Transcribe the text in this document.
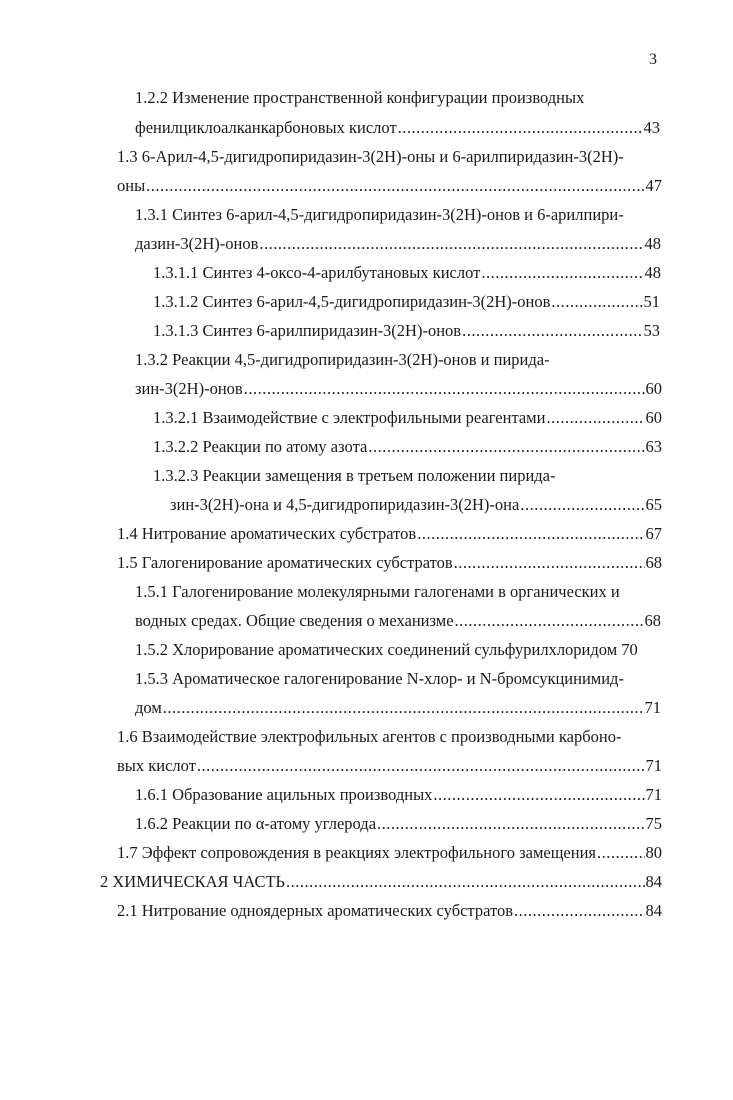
3
1.2.2 Изменение пространственной конфигурации производных
фенилциклоалканкарбоновых кислот .....	43
1.3 6-Арил-4,5-дигидропиридазин-3(2Н)-оны и 6-арилпиридазин-3(2Н)-
оны .....	47
1.3.1 Синтез 6-арил-4,5-дигидропиридазин-3(2Н)-онов и 6-арилпири-
дазин-3(2Н)-онов .....	48
1.3.1.1 Синтез 4-оксо-4-арилбутановых кислот .....	48
1.3.1.2 Синтез 6-арил-4,5-дигидропиридазин-3(2Н)-онов .....	51
1.3.1.3 Синтез 6-арилпиридазин-3(2Н)-онов .....	53
1.3.2 Реакции 4,5-дигидропиридазин-3(2Н)-онов и пирида-
зин-3(2Н)-онов .....	60
1.3.2.1 Взаимодействие с электрофильными реагентами .....	60
1.3.2.2 Реакции по атому азота .....	63
1.3.2.3 Реакции замещения в третьем положении пирида-
зин-3(2Н)-она и 4,5-дигидропиридазин-3(2Н)-она .....	65
1.4 Нитрование ароматических субстратов .....	67
1.5 Галогенирование ароматических субстратов .....	68
1.5.1 Галогенирование молекулярными галогенами в органических и
водных средах. Общие сведения о механизме .....	68
1.5.2 Хлорирование ароматических соединений сульфурилхлоридом 70
1.5.3 Ароматическое галогенирование N-хлор- и N-бромсукцинимид-
дом .....	71
1.6 Взаимодействие электрофильных агентов с производными карбоно-
вых кислот .....	71
1.6.1 Образование ацильных производных .....	71
1.6.2 Реакции по α-атому углерода .....	75
1.7 Эффект сопровождения в реакциях электрофильного замещения .....	80
2 ХИМИЧЕСКАЯ ЧАСТЬ .....	84
2.1 Нитрование одноядерных ароматических субстратов .....	84
